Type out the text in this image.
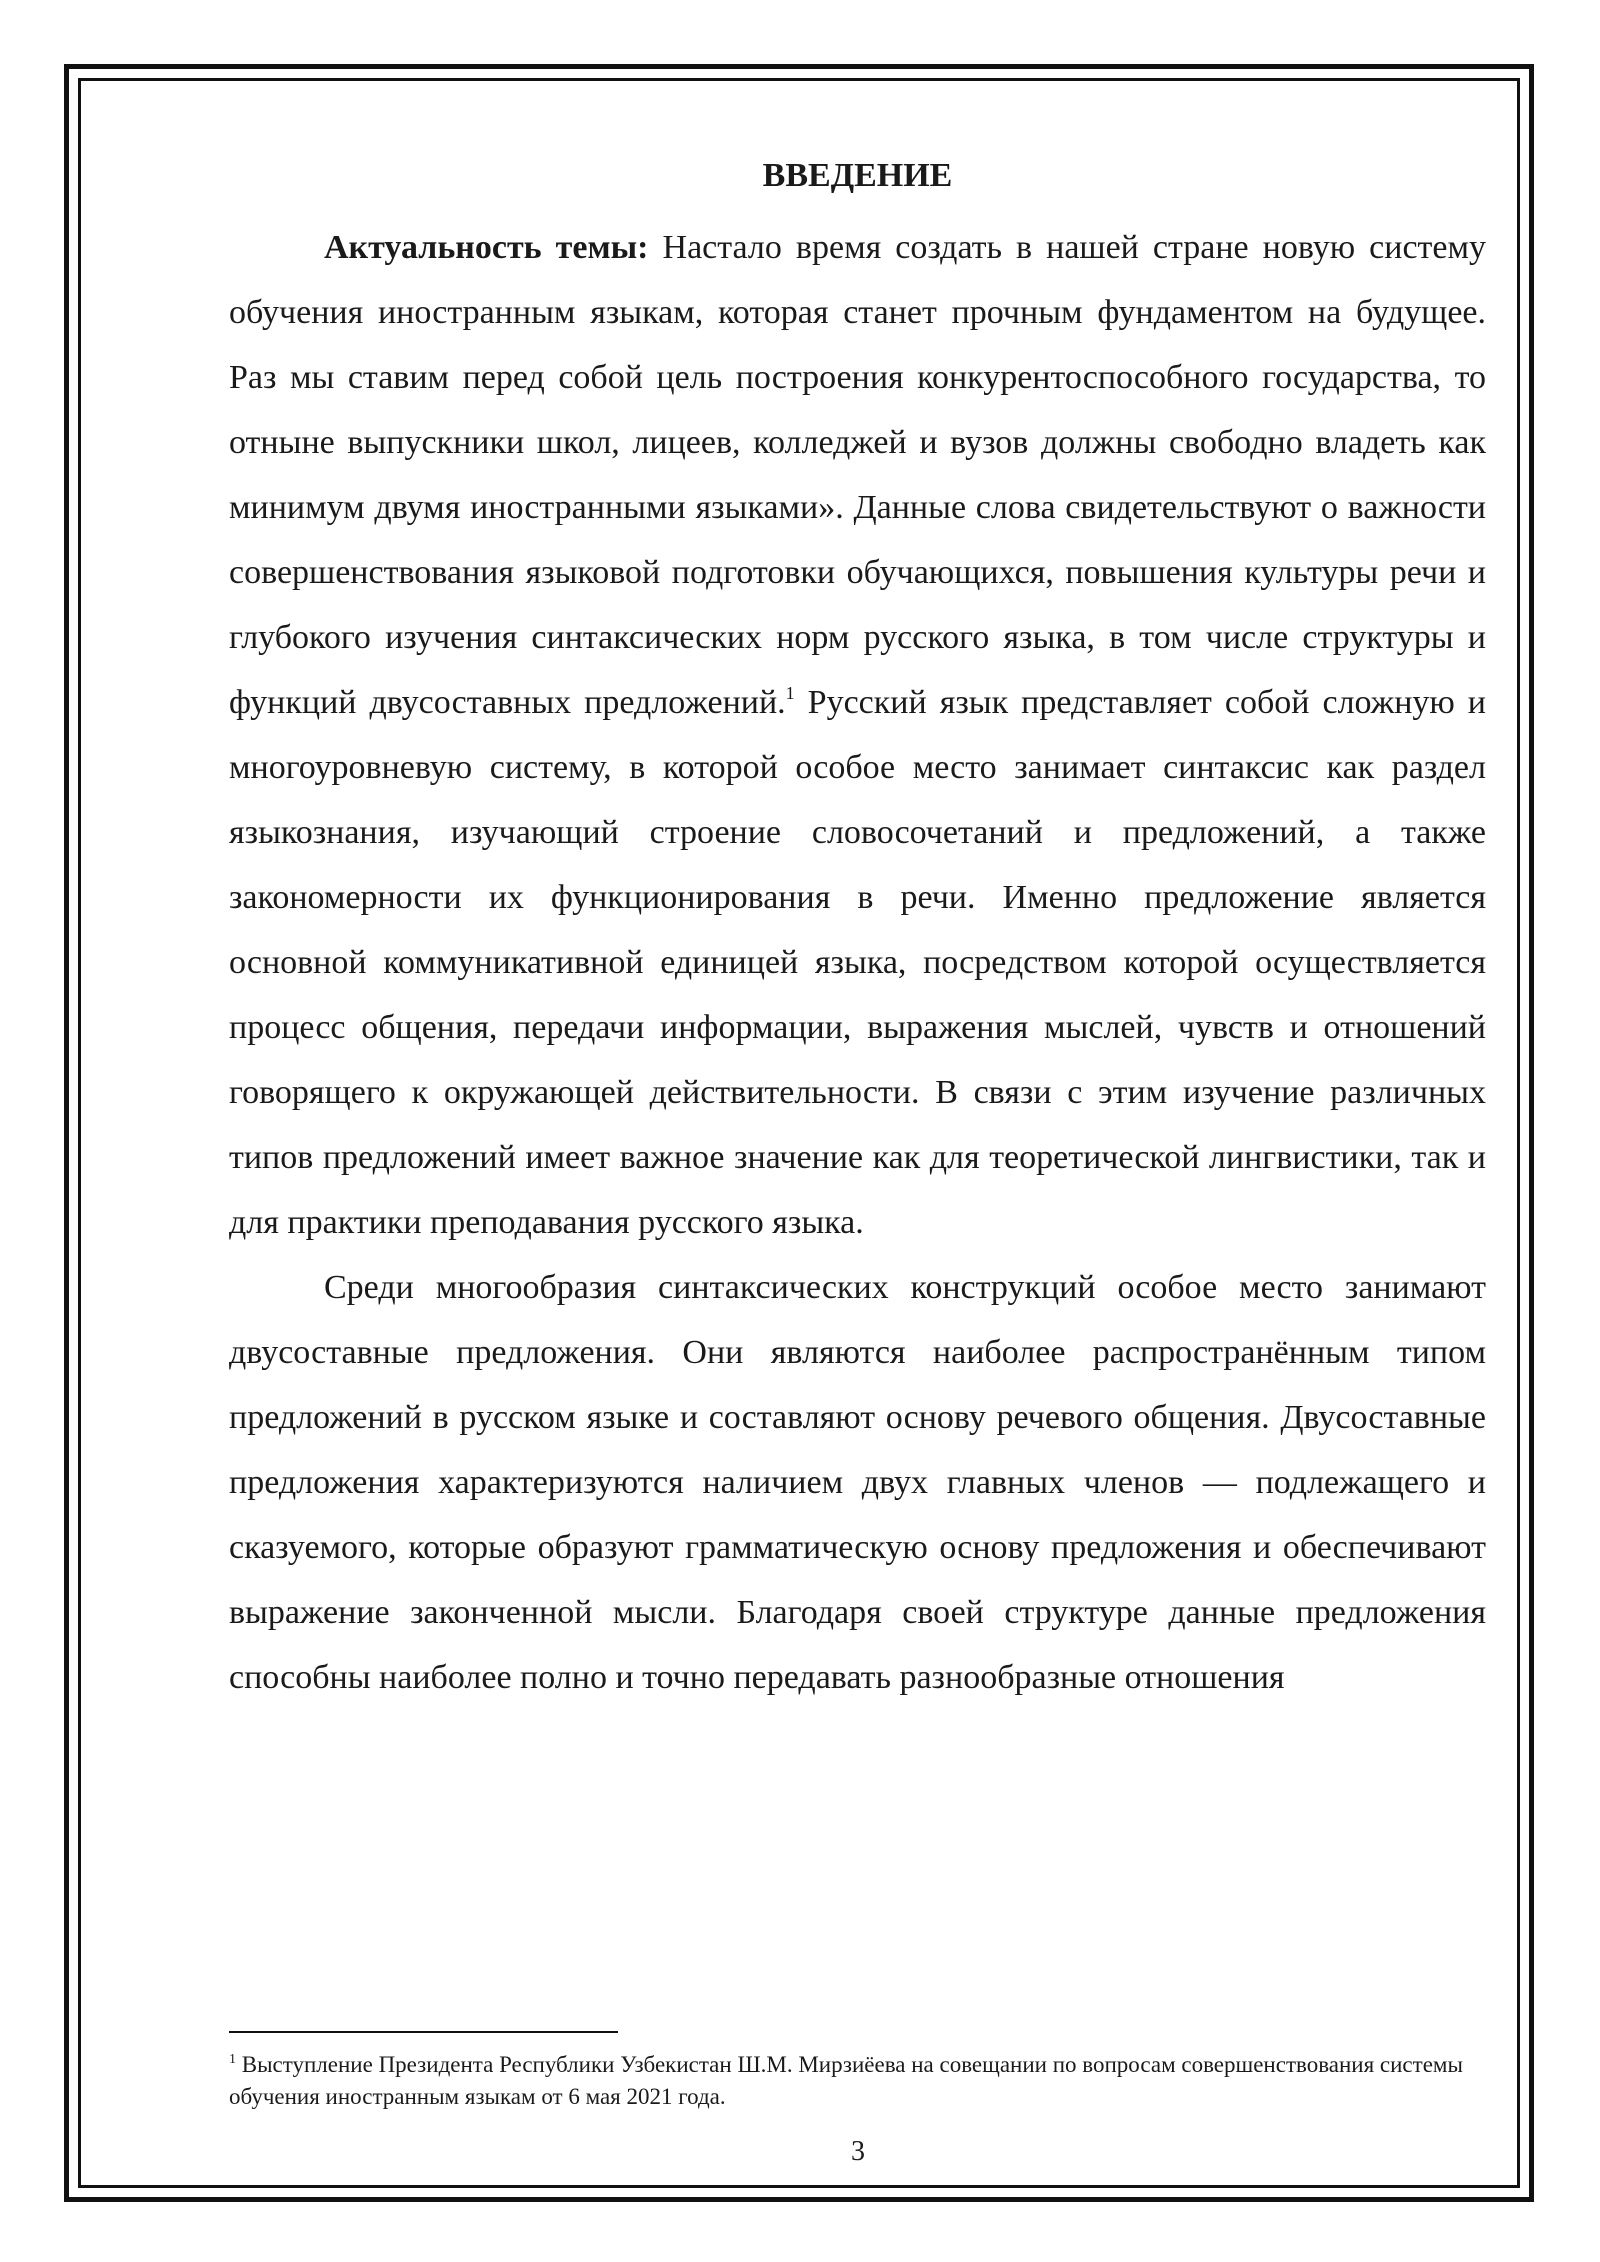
ВВЕДЕНИЕ

Актуальность темы: Настало время создать в нашей стране новую систему обучения иностранным языкам, которая станет прочным фундаментом на будущее. Раз мы ставим перед собой цель построения конкурентоспособного государства, то отныне выпускники школ, лицеев, колледжей и вузов должны свободно владеть как минимум двумя иностранными языками». Данные слова свидетельствуют о важности совершенствования языковой подготовки обучающихся, повышения культуры речи и глубокого изучения синтаксических норм русского языка, в том числе структуры и функций двусоставных предложений.$^1$ Русский язык представляет собой сложную и многоуровневую систему, в которой особое место занимает синтаксис как раздел языкознания, изучающий строение словосочетаний и предложений, а также закономерности их функционирования в речи. Именно предложение является основной коммуникативной единицей языка, посредством которой осуществляется процесс общения, передачи информации, выражения мыслей, чувств и отношений говорящего к окружающей действительности. В связи с этим изучение различных типов предложений имеет важное значение как для теоретической лингвистики, так и для практики преподавания русского языка.

Среди многообразия синтаксических конструкций особое место занимают двусоставные предложения. Они являются наиболее распространённым типом предложений в русском языке и составляют основу речевого общения. Двусоставные предложения характеризуются наличием двух главных членов — подлежащего и сказуемого, которые образуют грамматическую основу предложения и обеспечивают выражение законченной мысли. Благодаря своей структуре данные предложения способны наиболее полно и точно передавать разнообразные отношения

$^1$ Выступление Президента Республики Узбекистан Ш.М. Мирзиёева на совещании по вопросам совершенствования системы обучения иностранным языкам от 6 мая 2021 года.
3
